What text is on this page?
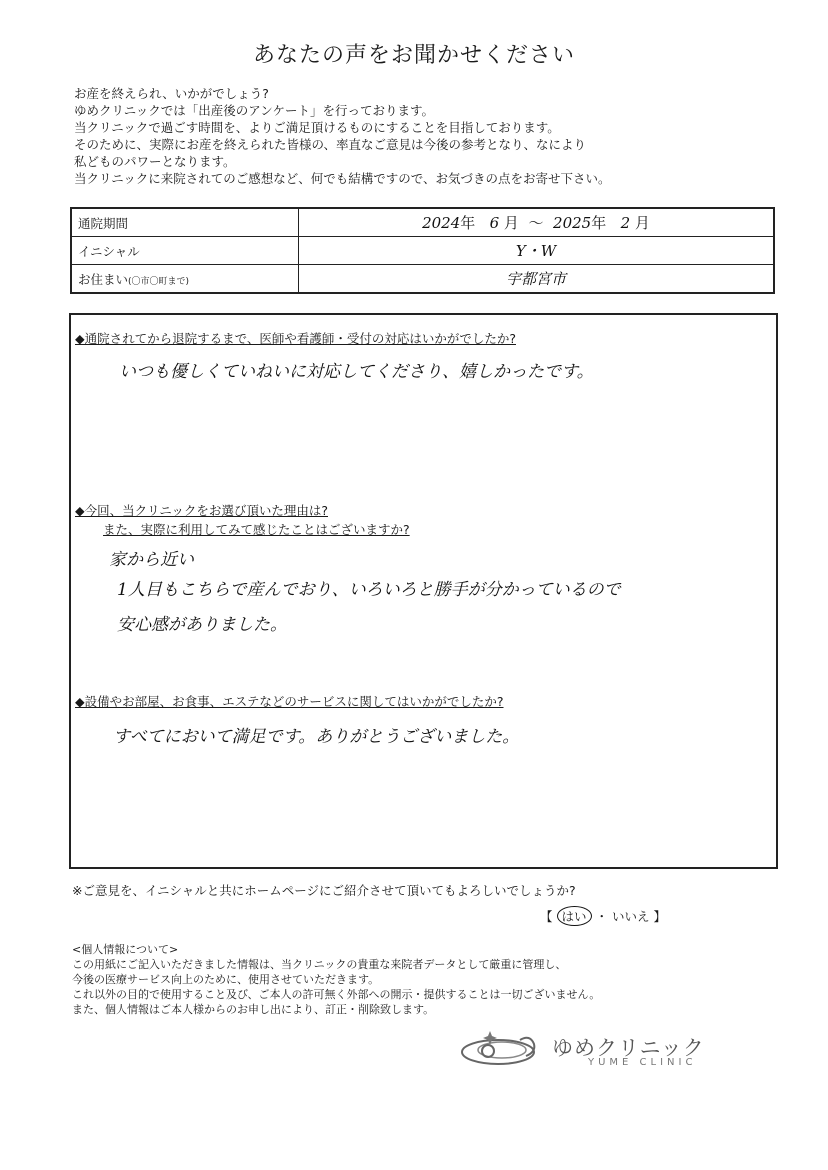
あなたの声をお聞かせください
お産を終えられ、いかがでしょう?
ゆめクリニックでは「出産後のアンケート」を行っております。
当クリニックで過ごす時間を、よりご満足頂けるものにすることを目指しております。
そのために、実際にお産を終えられた皆様の、率直なご意見は今後の参考となり、なにより
私どものパワーとなります。
当クリニックに来院されてのご感想など、何でも結構ですので、お気づきの点をお寄せ下さい。
通院期間	2024年 6 月 〜 2025年 2 月
イニシャル	Y・W
お住まい(〇市〇町まで)	宇都宮市
◆通院されてから退院するまで、医師や看護師・受付の対応はいかがでしたか?
いつも優しくていねいに対応してくださり、嬉しかったです。
◆今回、当クリニックをお選び頂いた理由は?
また、実際に利用してみて感じたことはございますか?
家から近い
1人目もこちらで産んでおり、いろいろと勝手が分かっているので
安心感がありました。
◆設備やお部屋、お食事、エステなどのサービスに関してはいかがでしたか?
すべてにおいて満足です。ありがとうございました。
※ご意見を、イニシャルと共にホームページにご紹介させて頂いてもよろしいでしょうか?
【 はい ・ いいえ 】
<個人情報について>
この用紙にご記入いただきました情報は、当クリニックの貴重な来院者データとして厳重に管理し、
今後の医療サービス向上のために、使用させていただきます。
これ以外の目的で使用すること及び、ご本人の許可無く外部への開示・提供することは一切ございません。
また、個人情報はご本人様からのお申し出により、訂正・削除致します。
ゆめクリニック
YUME CLINIC
